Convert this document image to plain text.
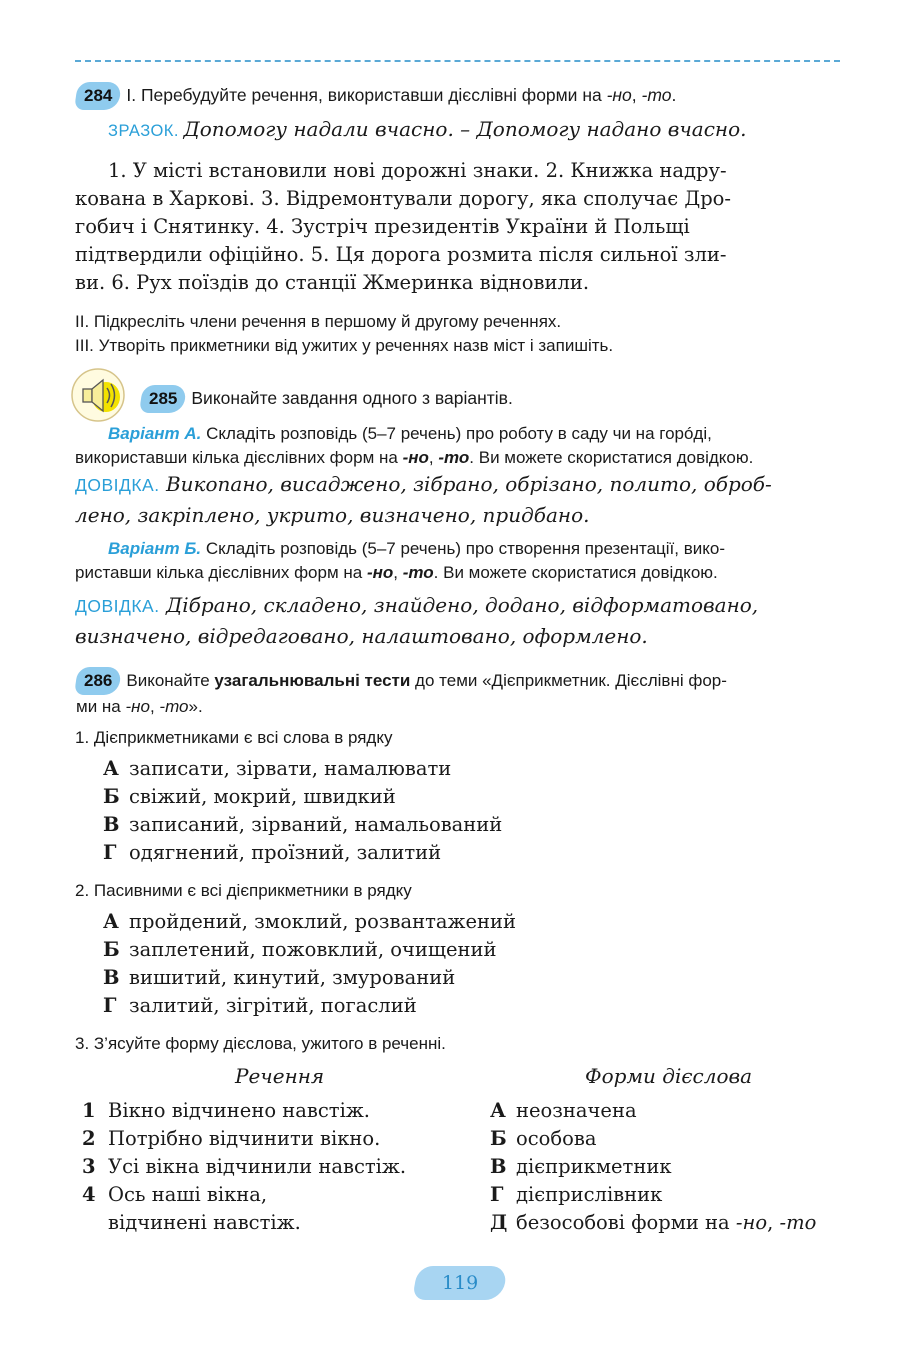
284 І. Перебудуйте речення, використавши дієслівні форми на -но, -то.
ЗРАЗОК. Допомогу надали вчасно. – Допомогу надано вчасно.
1. У місті встановили нові дорожні знаки. 2. Книжка надру-
кована в Харкові. 3. Відремонтували дорогу, яка сполучає Дро-
гобич і Снятинку. 4. Зустріч президентів України й Польщі
підтвердили офіційно. 5. Ця дорога розмита після сильної зли-
ви. 6. Рух поїздів до станції Жмеринка відновили.
ІІ. Підкресліть члени речення в першому й другому реченнях.
ІІІ. Утворіть прикметники від ужитих у реченнях назв міст і запишіть.
285 Виконайте завдання одного з варіантів.
Варіант А. Складіть розповідь (5–7 речень) про роботу в саду чи на горóді,
використавши кілька дієслівних форм на -но, -то. Ви можете скористатися довідкою.
ДОВІДКА. Викопано, висаджено, зібрано, обрізано, полито, оброб-
лено, закріплено, укрито, визначено, придбано.
Варіант Б. Складіть розповідь (5–7 речень) про створення презентації, вико-
риставши кілька дієслівних форм на -но, -то. Ви можете скористатися довідкою.
ДОВІДКА. Дібрано, складено, знайдено, додано, відформатовано,
визначено, відредаговано, налаштовано, оформлено.
286 Виконайте узагальнювальні тести до теми «Дієприкметник. Дієслівні фор-
ми на -но, -то».
1. Дієприкметниками є всі слова в рядку
А записати, зірвати, намалювати
Б свіжий, мокрий, швидкий
В записаний, зірваний, намальований
Г одягнений, проїзний, залитий
2. Пасивними є всі дієприкметники в рядку
А пройдений, змоклий, розвантажений
Б заплетений, пожовклий, очищений
В вишитий, кинутий, змурований
Г залитий, зігрітий, погаслий
3. З’ясуйте форму дієслова, ужитого в реченні.
Речення	Форми дієслова
1 Вікно відчинено навстіж.
2 Потрібно відчинити вікно.
3 Усі вікна відчинили навстіж.
4 Ось наші вікна,
відчинені навстіж.
А неозначена
Б особова
В дієприкметник
Г дієприслівник
Д безособові форми на -но, -то
119
